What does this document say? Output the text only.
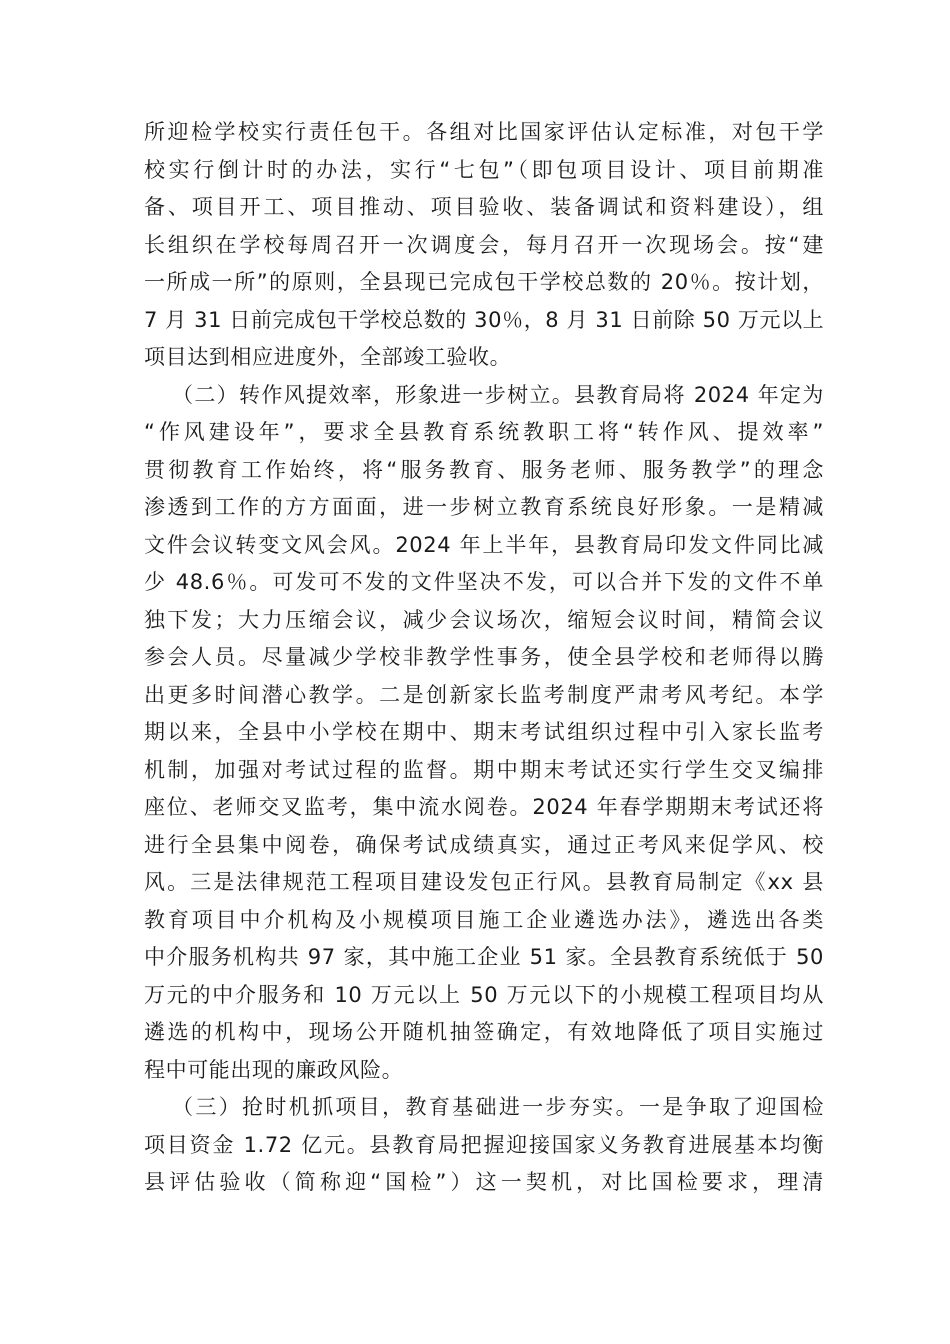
所迎检学校实行责任包干。各组对比国家评估认定标准，对包干学
校实行倒计时的办法，实行“七包”（即包项目设计、项目前期准
备、项目开工、项目推动、项目验收、装备调试和资料建设），组
长组织在学校每周召开一次调度会，每月召开一次现场会。按“建
一所成一所”的原则，全县现已完成包干学校总数的 20％。按计划，
7 月 31 日前完成包干学校总数的 30％，8 月 31 日前除 50 万元以上
项目达到相应进度外，全部竣工验收。

（二）转作风提效率，形象进一步树立。县教育局将 2024 年定为
“作风建设年”，要求全县教育系统教职工将“转作风、提效率”
贯彻教育工作始终，将“服务教育、服务老师、服务教学”的理念
渗透到工作的方方面面，进一步树立教育系统良好形象。一是精减
文件会议转变文风会风。2024 年上半年，县教育局印发文件同比减
少 48.6％。可发可不发的文件坚决不发，可以合并下发的文件不单
独下发；大力压缩会议，减少会议场次，缩短会议时间，精简会议
参会人员。尽量减少学校非教学性事务，使全县学校和老师得以腾
出更多时间潜心教学。二是创新家长监考制度严肃考风考纪。本学
期以来，全县中小学校在期中、期末考试组织过程中引入家长监考
机制，加强对考试过程的监督。期中期末考试还实行学生交叉编排
座位、老师交叉监考，集中流水阅卷。2024 年春学期期末考试还将
进行全县集中阅卷，确保考试成绩真实，通过正考风来促学风、校
风。三是法律规范工程项目建设发包正行风。县教育局制定《xx 县
教育项目中介机构及小规模项目施工企业遴选办法》，遴选出各类
中介服务机构共 97 家，其中施工企业 51 家。全县教育系统低于 50
万元的中介服务和 10 万元以上 50 万元以下的小规模工程项目均从
遴选的机构中，现场公开随机抽签确定，有效地降低了项目实施过
程中可能出现的廉政风险。

（三）抢时机抓项目，教育基础进一步夯实。一是争取了迎国检
项目资金 1.72 亿元。县教育局把握迎接国家义务教育进展基本均衡
县评估验收（简称迎“国检”）这一契机，对比国检要求，理清
